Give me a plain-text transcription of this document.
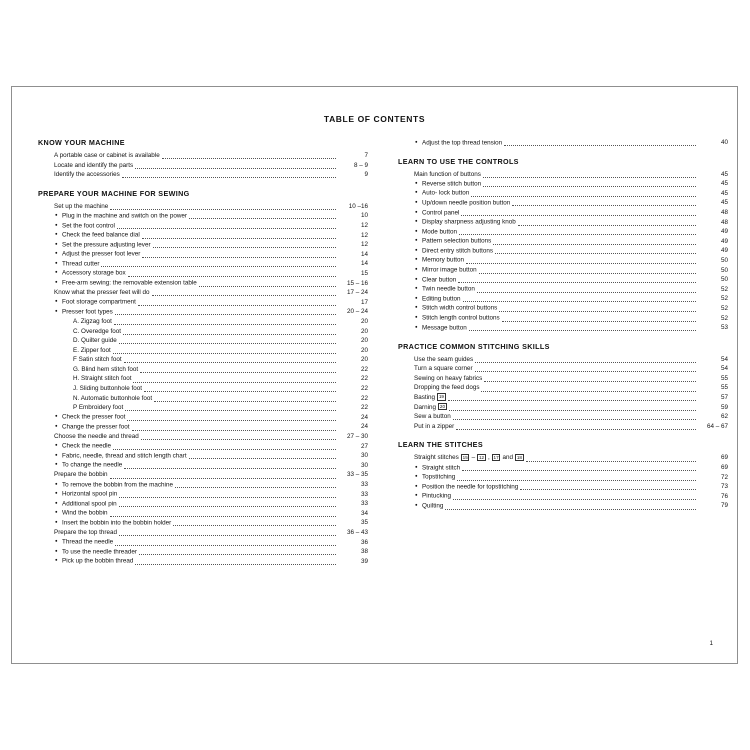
TABLE OF CONTENTS
KNOW YOUR MACHINE
A portable case or cabinet is available	7
Locate and identify the parts	8 – 9
Identify the accessories	9
PREPARE YOUR MACHINE FOR SEWING
Set up the machine	10 –16
●Plug in the machine and switch on the power	10
●Set the foot control	12
●Check the feed balance dial	12
●Set the pressure adjusting lever	12
●Adjust the presser foot lever	14
●Thread cutter	14
●Accessory storage box	15
●Free-arm sewing: the removable extension table	15 – 16
Know what the presser feet will do	17 – 24
●Foot storage compartment	17
●Presser foot types	20 – 24
A. Zigzag foot	20
C. Overedge foot	20
D. Quilter guide	20
E. Zipper foot	20
F Satin stitch foot	20
G. Blind hem stitch foot	22
H. Straight stitch foot	22
J. Sliding buttonhole foot	22
N. Automatic buttonhole foot	22
P Embroidery foot	22
●Check the presser foot	24
●Change the presser foot	24
Choose the needle and thread	27 – 30
●Check the needle	27
●Fabric, needle, thread and stitch length chart	30
●To change the needle	30
Prepare the bobbin	33 – 35
●To remove the bobbin from the machine	33
●Horizontal spool pin	33
●Additional spool pin	33
●Wind the bobbin	34
●Insert the bobbin into the bobbin holder	35
Prepare the top thread	36 – 43
●Thread the needle	36
●To use the needle threader	38
●Pick up the bobbin thread	39
●Adjust the top thread tension	40
LEARN TO USE THE CONTROLS
Main function of buttons	45
●Reverse stitch button	45
●Auto- lock button	45
●Up/down needle position button	45
●Control panel	48
●Display sharpness adjusting knob	48
●Mode button	49
●Pattern selection buttons	49
●Direct entry stitch buttons	49
●Memory button	50
●Mirror image button	50
●Clear button	50
●Twin needle button	52
●Editing button	52
●Stitch width control buttons	52
●Stitch length control buttons	52
●Message button	53
PRACTICE COMMON STITCHING SKILLS
Use the seam guides	54
Turn a square corner	54
Sewing on heavy fabrics	55
Dropping the feed dogs	55
Basting 19	57
Darning 20	59
Sew a button	62
Put in a zipper	64 – 67
LEARN THE STITCHES
Straight stitches 15 – 12 , 17 and 18	69
●Straight stitch	69
●Topstitching	72
●Position the needle for topstitching	73
●Pintucking	76
●Quilting	79
1
